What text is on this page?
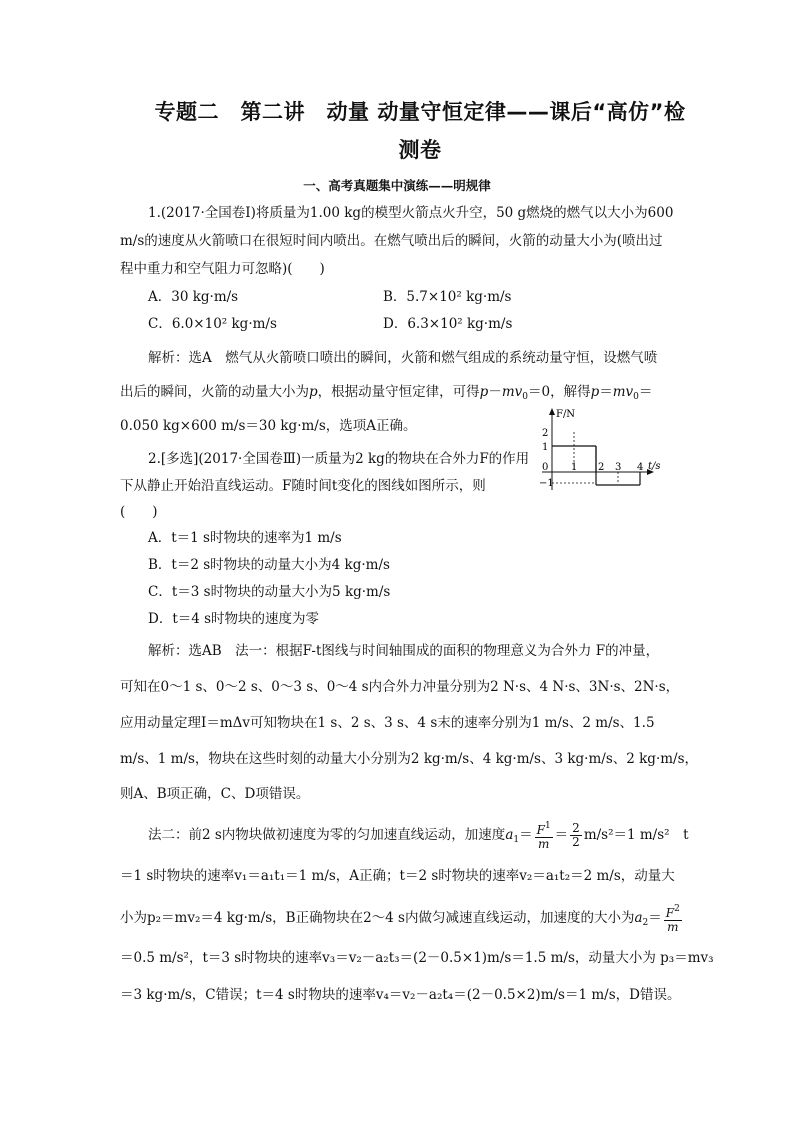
专题二　第二讲　动量 动量守恒定律——课后“高仿”检
测卷
一、高考真题集中演练——明规律
1.(2017·全国卷Ⅰ)将质量为1.00 kg的模型火箭点火升空，50 g燃烧的燃气以大小为600
m/s的速度从火箭喷口在很短时间内喷出。在燃气喷出后的瞬间，火箭的动量大小为(喷出过
程中重力和空气阻力可忽略)(　　)
A．30 kg·m/s	B．5.7×10² kg·m/s
C．6.0×10² kg·m/s	D．6.3×10² kg·m/s
解析：选A　燃气从火箭喷口喷出的瞬间，火箭和燃气组成的系统动量守恒，设燃气喷
出后的瞬间，火箭的动量大小为p，根据动量守恒定律，可得$p-mv_0=0$，解得$p=mv_0=$
0.050 kg×600 m/s＝30 kg·m/s，选项A正确。
2.[多选](2017·全国卷Ⅲ)一质量为2 kg的物块在合外力F的作用
下从静止开始沿直线运动。F随时间t变化的图线如图所示，则
(　　)
F/N
t/s
2
1
0
−1
1 2 3 4
A．t＝1 s时物块的速率为1 m/s
B．t＝2 s时物块的动量大小为4 kg·m/s
C．t＝3 s时物块的动量大小为5 kg·m/s
D．t＝4 s时物块的速度为零
解析：选AB　法一：根据F-t图线与时间轴围成的面积的物理意义为合外力 F的冲量，
可知在0～1 s、0～2 s、0～3 s、0～4 s内合外力冲量分别为2 N·s、4 N·s、3N·s、2N·s，
应用动量定理I＝mΔv可知物块在1 s、2 s、3 s、4 s末的速率分别为1 m/s、2 m/s、1.5
m/s、1 m/s，物块在这些时刻的动量大小分别为2 kg·m/s、4 kg·m/s、3 kg·m/s、2 kg·m/s，
则A、B项正确，C、D项错误。
法二：前2 s内物块做初速度为零的匀加速直线运动，加速度$a_1= \frac{F^1}{m} = \frac{2}{2} m/s^2=1$ m/s²　t
＝1 s时物块的速率v₁＝a₁t₁＝1 m/s，A正确；t＝2 s时物块的速率v₂＝a₁t₂＝2 m/s，动量大
小为p₂＝mv₂＝4 kg·m/s，B正确物块在2～4 s内做匀减速直线运动，加速度的大小为$a_2= \frac{F^2}{m}$
＝0.5 m/s²，t＝3 s时物块的速率v₃＝v₂－a₂t₃＝(2－0.5×1)m/s＝1.5 m/s，动量大小为 p₃＝mv₃
＝3 kg·m/s，C错误；t＝4 s时物块的速率v₄＝v₂－a₂t₄＝(2－0.5×2)m/s＝1 m/s，D错误。
